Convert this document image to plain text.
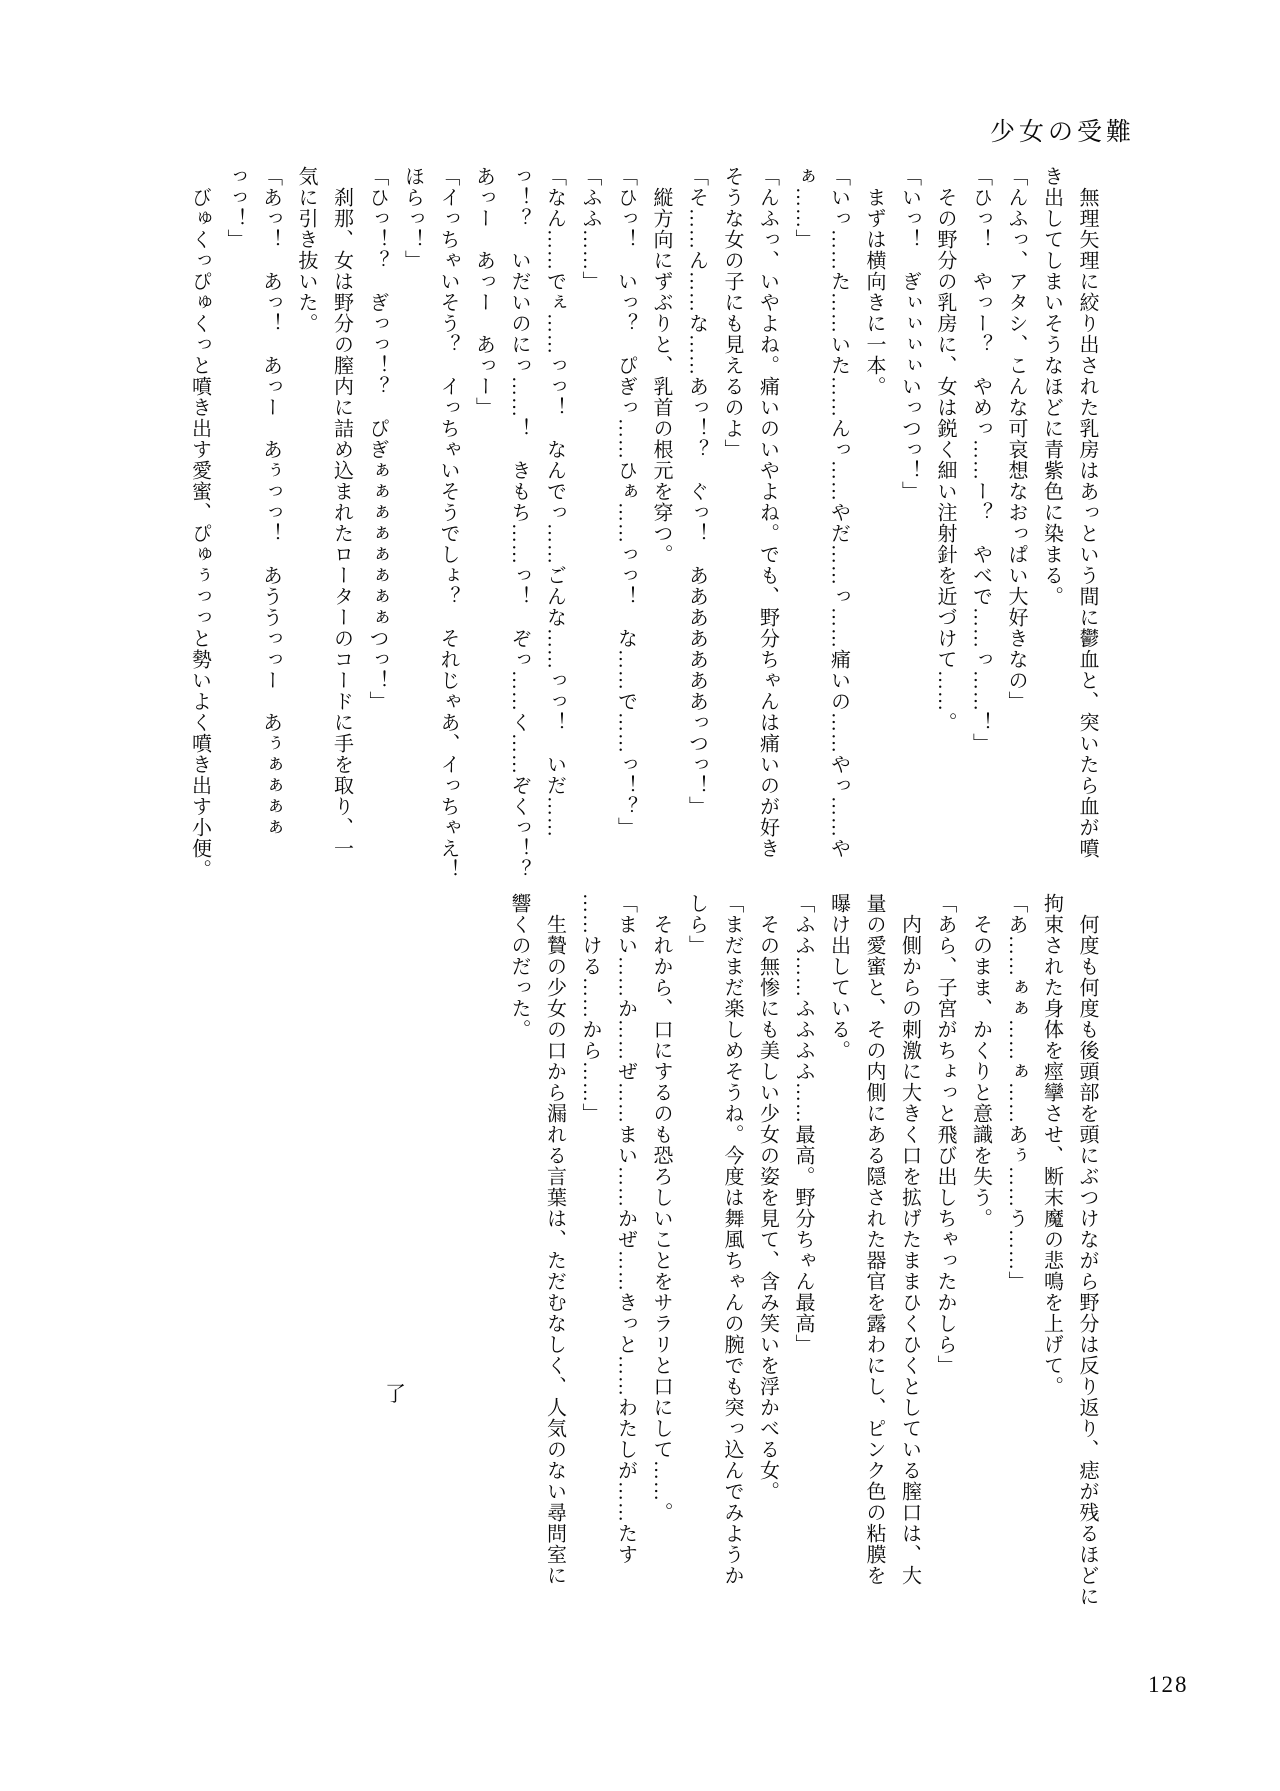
少女の受難

　無理矢理に絞り出された乳房はあっという間に鬱血と、突いたら血が噴

き出してしまいそうなほどに青紫色に染まる。

「んふっ、アタシ、こんな可哀想なおっぱい大好きなの」

「ひっ！　やっー？　やめっ……ー？　やべで……っ……！」

　その野分の乳房に、女は鋭く細い注射針を近づけて……。

「いっ！　ぎぃぃぃぃいっつっ！」

　まずは横向きに一本。

「いっ……た……いた……んっ……やだ……っ……痛いの……やっ……や

ぁ……」

「んふっ、いやよね。痛いのいやよね。でも、野分ちゃんは痛いのが好き

そうな女の子にも見えるのよ」

「そ……ん……な……あっ！？　ぐっ！　あああああああっつっ！」

　縦方向にずぶりと、乳首の根元を穿つ。

「ひっ！　いっ？　ぴぎっ……ひぁ……っっ！　な……で……っ！？」

「ふふ……」

「なん……でぇ……っっ！　なんでっ……ごんな……っっ！　いだ……

っ！？　いだいのにっ……！　きもち……っ！　ぞっ……く……ぞくっ！？

あっー　あっー　あっー」

「イっちゃいそう？　イっちゃいそうでしょ？　それじゃあ、イっちゃえ！

ほらっ！」

「ひっ！？　ぎっっ！？　ぴぎぁぁぁぁぁぁぁぁつっ！」

　刹那、女は野分の膣内に詰め込まれたローターのコードに手を取り、一

気に引き抜いた。

「あっ！　あっ！　あっー　あぅっっ！　あううっっー　あぅぁぁぁぁ

っっ！」

　びゅくっぴゅくっと噴き出す愛蜜、ぴゅぅっっと勢いよく噴き出す小便。

　何度も何度も後頭部を頭にぶつけながら野分は反り返り、痣が残るほどに

拘束された身体を痙攣させ、断末魔の悲鳴を上げて。

「あ……ぁぁ……ぁ……あぅ……う……」

　そのまま、かくりと意識を失う。

「あら、子宮がちょっと飛び出しちゃったかしら」

　内側からの刺激に大きく口を拡げたままひくひくとしている膣口は、大

量の愛蜜と、その内側にある隠された器官を露わにし、ピンク色の粘膜を

曝け出している。

「ふふ……ふふふふ……最高。野分ちゃん最高」

　その無惨にも美しい少女の姿を見て、含み笑いを浮かべる女。

「まだまだ楽しめそうね。今度は舞風ちゃんの腕でも突っ込んでみようか

しら」

　それから、口にするのも恐ろしいことをサラリと口にして……。

「まい……か……ぜ……まい……かぜ……きっと……わたしが……たす

……ける……から……」

　生贄の少女の口から漏れる言葉は、ただむなしく、人気のない尋問室に

響くのだった。

了
128
